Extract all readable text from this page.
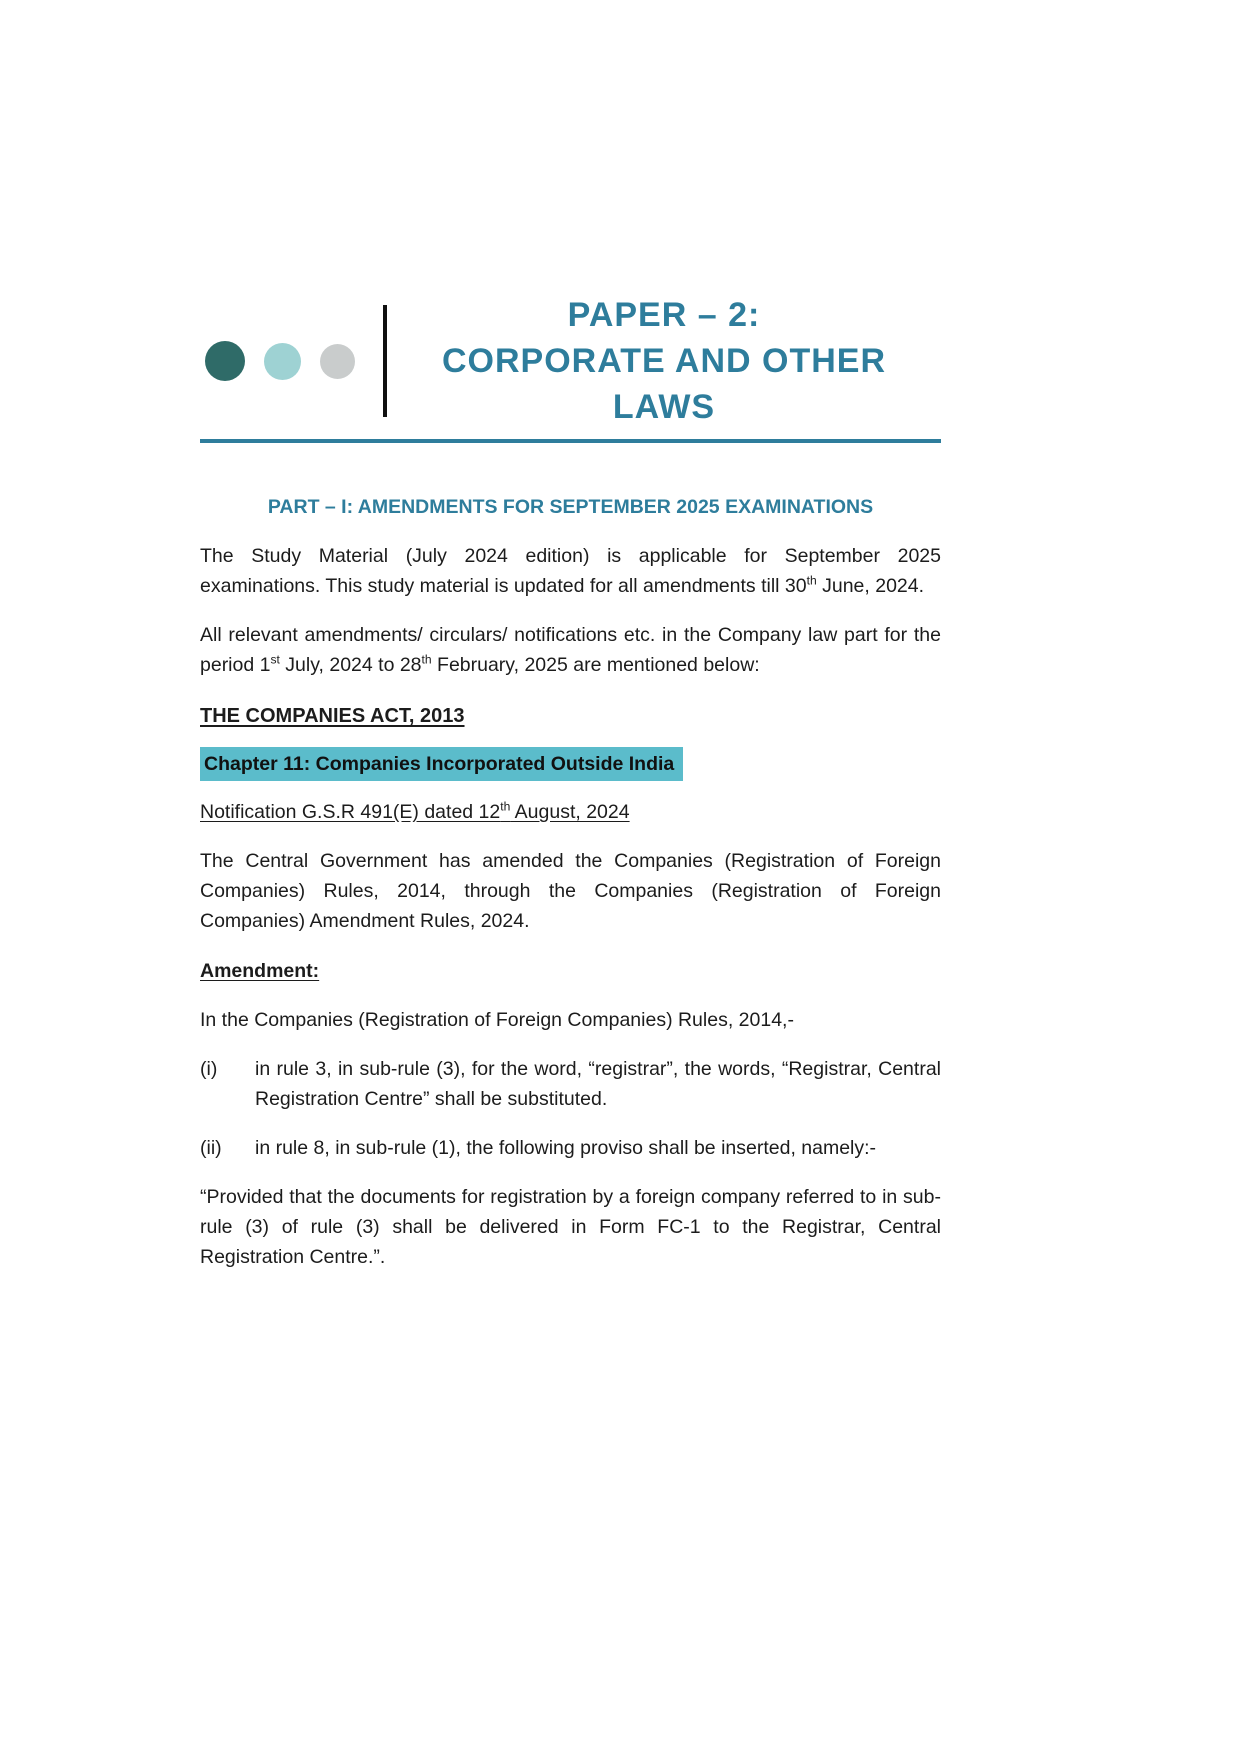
PAPER – 2:
CORPORATE AND OTHER
LAWS
PART – I: AMENDMENTS FOR SEPTEMBER 2025 EXAMINATIONS
The Study Material (July 2024 edition) is applicable for September 2025 examinations. This study material is updated for all amendments till 30th June, 2024.
All relevant amendments/ circulars/ notifications etc. in the Company law part for the period 1st July, 2024 to 28th February, 2025 are mentioned below:
THE COMPANIES ACT, 2013
Chapter 11: Companies Incorporated Outside India
Notification G.S.R 491(E) dated 12th August, 2024
The Central Government has amended the Companies (Registration of Foreign Companies) Rules, 2014, through the Companies (Registration of Foreign Companies) Amendment Rules, 2024.
Amendment:
In the Companies (Registration of Foreign Companies) Rules, 2014,-
(i)	in rule 3, in sub-rule (3), for the word, “registrar”, the words, “Registrar, Central Registration Centre” shall be substituted.
(ii)	in rule 8, in sub-rule (1), the following proviso shall be inserted, namely:-
“Provided that the documents for registration by a foreign company referred to in sub-rule (3) of rule (3) shall be delivered in Form FC-1 to the Registrar, Central Registration Centre.”.
